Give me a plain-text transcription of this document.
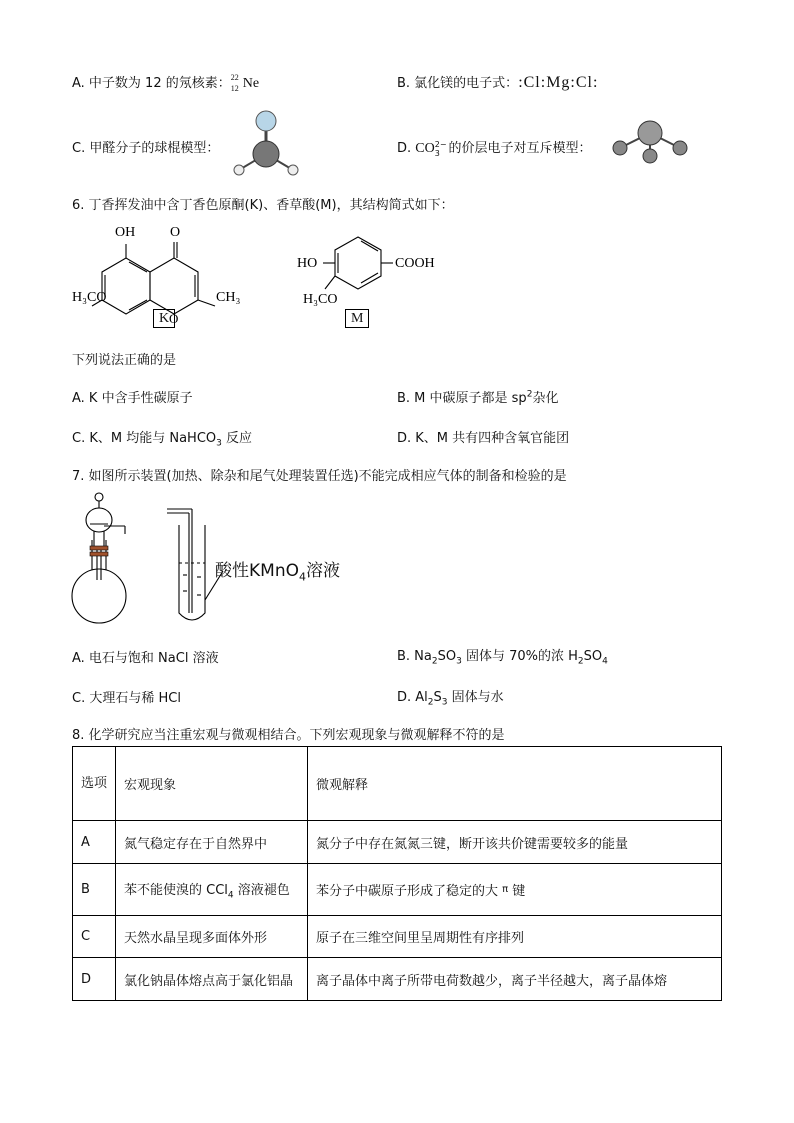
A. 中子数为 12 的氖核素： 22
12 Ne	B. 氯化镁的电子式：:Cl:Mg:Cl:
C. 甲醛分子的球棍模型：	D. CO2−
3 的价层电子对互斥模型：
6. 丁香挥发油中含丁香色原酮(K)、香草酸(M)，其结构简式如下：
OH O
O
H₃CO	CH₃
K
HO	COOH
H₃CO
M
下列说法正确的是
A. K 中含手性碳原子	B. M 中碳原子都是 $sp^2$杂化
C. K、M 均能与 NaHCO$_3$ 反应	D. K、M 共有四种含氧官能团
7. 如图所示装置(加热、除杂和尾气处理装置任选)不能完成相应气体的制备和检验的是
酸性KMnO$_4$溶液
A. 电石与饱和 NaCl 溶液	B. $Na_2SO_3$ 固体与 70%的浓 $H_2SO_4$
C. 大理石与稀 HCl	D. $Al_2S_3$ 固体与水
8. 化学研究应当注重宏观与微观相结合。下列宏观现象与微观解释不符的是
选项	宏观现象	微观解释
A	氮气稳定存在于自然界中	氮分子中存在氮氮三键，断开该共价键需要较多的能量
B	苯不能使溴的 CCl$_4$ 溶液褪色	苯分子中碳原子形成了稳定的大 $^\pi$ 键
C	天然水晶呈现多面体外形	原子在三维空间里呈周期性有序排列
D	氯化钠晶体熔点高于氯化铝晶	离子晶体中离子所带电荷数越少，离子半径越大，离子晶体熔
